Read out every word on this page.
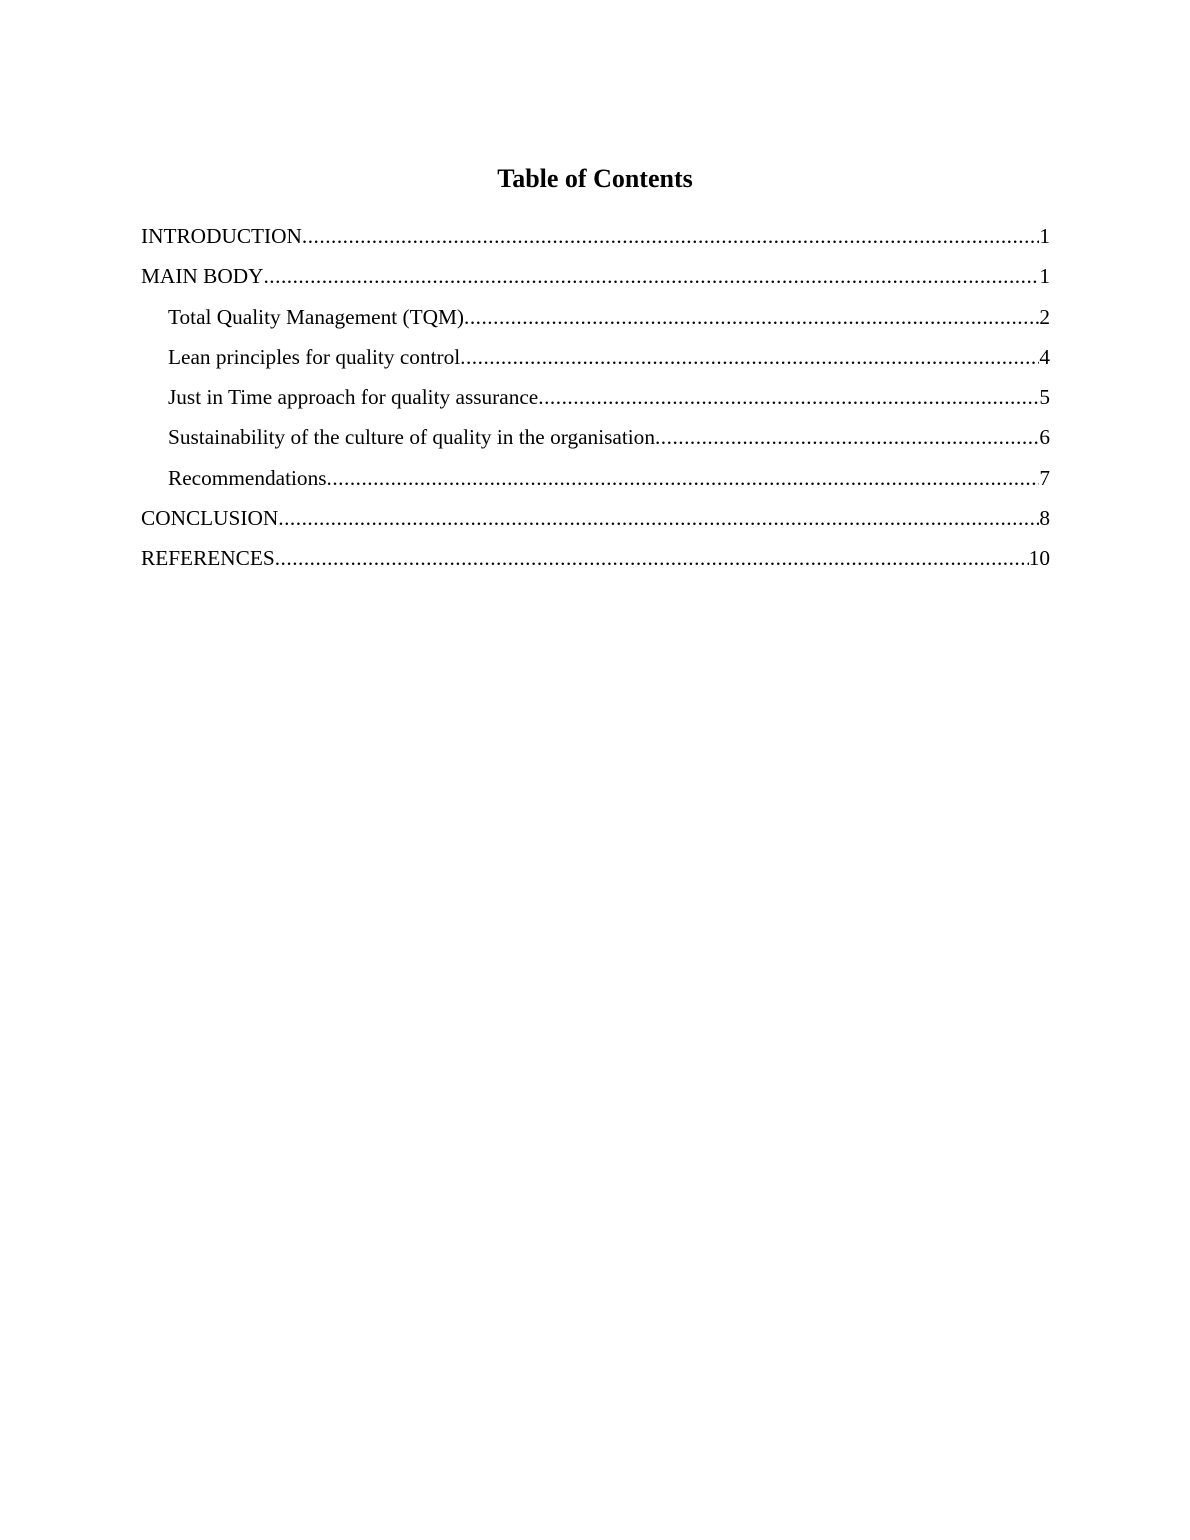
Table of Contents
INTRODUCTION .....	1
MAIN BODY .....	1
Total Quality Management (TQM) .....	2
Lean principles for quality control .....	4
Just in Time approach for quality assurance .....	5
Sustainability of the culture of quality in the organisation .....	6
Recommendations .....	7
CONCLUSION .....	8
REFERENCES .....	10
